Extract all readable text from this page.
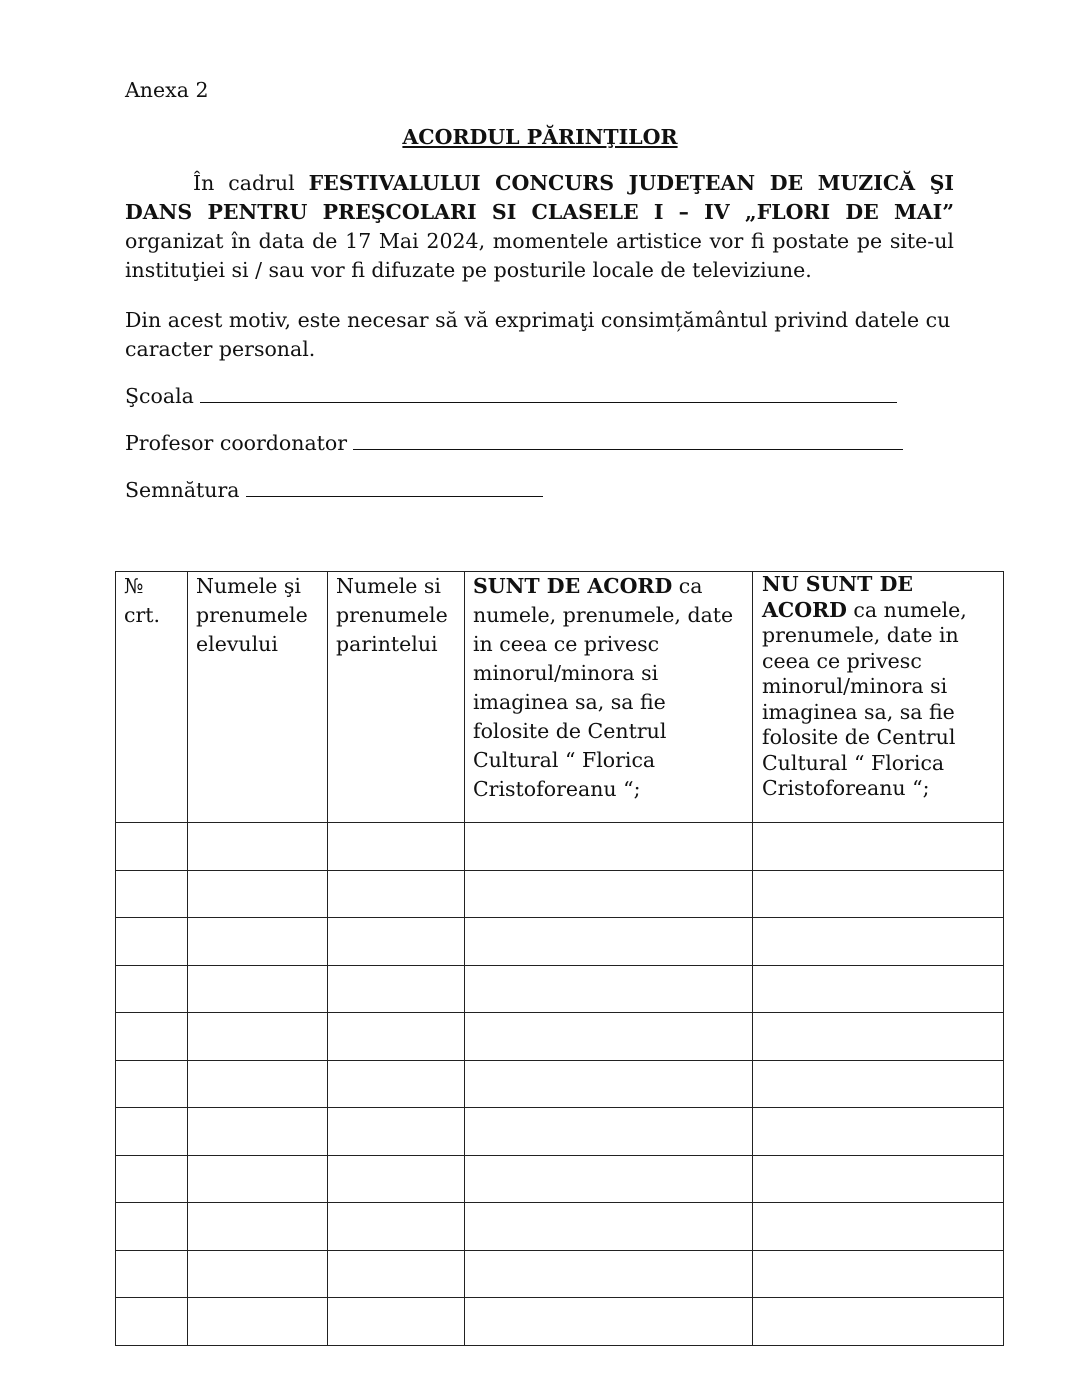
Anexa 2
ACORDUL PĂRINŢILOR
În cadrul FESTIVALULUI CONCURS JUDEŢEAN DE MUZICĂ ŞI DANS PENTRU PREŞCOLARI SI CLASELE I – IV „FLORI DE MAI” organizat în data de 17 Mai 2024, momentele artistice vor fi postate pe site-ul instituţiei si / sau vor fi difuzate pe posturile locale de televiziune.
Din acest motiv, este necesar să vă exprimaţi consimțământul privind datele cu caracter personal.
Şcoala
Profesor coordonator
Semnătura
№ crt.	Numele şi prenumele elevului	Numele si prenumele parintelui	SUNT DE ACORD ca numele, prenumele, date in ceea ce privesc minorul/minora si imaginea sa, sa fie folosite de Centrul Cultural “ Florica Cristoforeanu “;	NU SUNT DE ACORD ca numele, prenumele, date in ceea ce privesc minorul/minora si imaginea sa, sa fie folosite de Centrul Cultural “ Florica Cristoforeanu “;
